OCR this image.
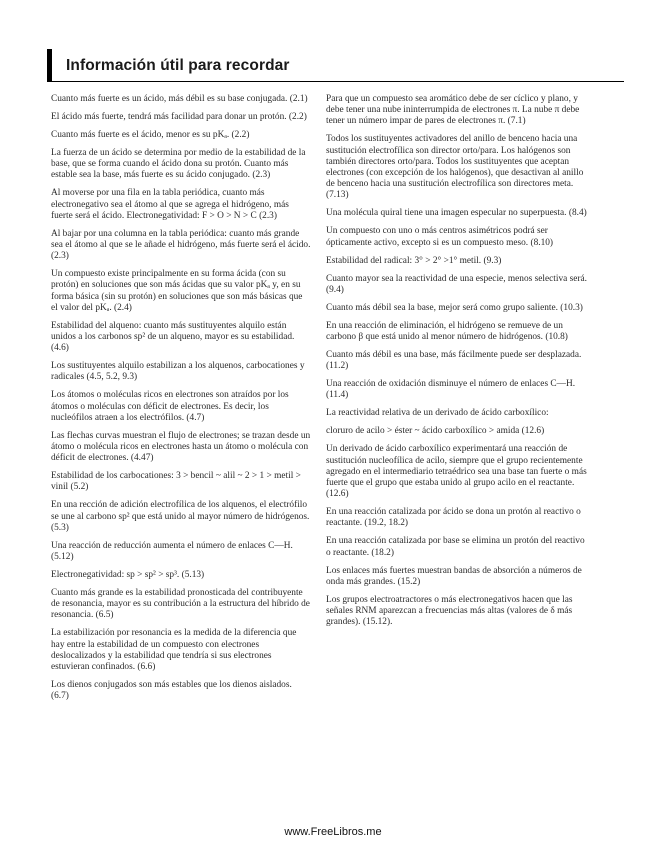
Información útil para recordar

Cuanto más fuerte es un ácido, más débil es su base conjugada. (2.1)

El ácido más fuerte, tendrá más facilidad para donar un protón. (2.2)

Cuanto más fuerte es el ácido, menor es su pKₐ. (2.2)

La fuerza de un ácido se determina por medio de la estabilidad de la base, que se forma cuando el ácido dona su protón. Cuanto más estable sea la base, más fuerte es su ácido conjugado. (2.3)

Al moverse por una fila en la tabla periódica, cuanto más electronegativo sea el átomo al que se agrega el hidrógeno, más fuerte será el ácido. Electronegatividad: F > O > N > C (2.3)

Al bajar por una columna en la tabla periódica: cuanto más grande sea el átomo al que se le añade el hidrógeno, más fuerte será el ácido. (2.3)

Un compuesto existe principalmente en su forma ácida (con su protón) en soluciones que son más ácidas que su valor pKₐ y, en su forma básica (sin su protón) en soluciones que son más básicas que el valor del pKₐ. (2.4)

Estabilidad del alqueno: cuanto más sustituyentes alquilo están unidos a los carbonos sp² de un alqueno, mayor es su estabilidad. (4.6)

Los sustituyentes alquilo estabilizan a los alquenos, carbocationes y radicales (4.5, 5.2, 9.3)

Los átomos o moléculas ricos en electrones son atraídos por los átomos o moléculas con déficit de electrones. Es decir, los nucleófilos atraen a los electrófilos. (4.7)

Las flechas curvas muestran el flujo de electrones; se trazan desde un átomo o molécula ricos en electrones hasta un átomo o molécula con déficit de electrones. (4.47)

Estabilidad de los carbocationes: 3 > bencil ~ alil ~ 2 > 1 > metil > vinil (5.2)

En una rección de adición electrofílica de los alquenos, el electrófilo se une al carbono sp² que está unido al mayor número de hidrógenos. (5.3)

Una reacción de reducción aumenta el número de enlaces C—H. (5.12)

Electronegatividad: sp > sp² > sp³. (5.13)

Cuanto más grande es la estabilidad pronosticada del contribuyente de resonancia, mayor es su contribución a la estructura del híbrido de resonancia. (6.5)

La estabilización por resonancia es la medida de la diferencia que hay entre la estabilidad de un compuesto con electrones deslocalizados y la estabilidad que tendría si sus electrones estuvieran confinados. (6.6)

Los dienos conjugados son más estables que los dienos aislados. (6.7)

Para que un compuesto sea aromático debe de ser cíclico y plano, y debe tener una nube ininterrumpida de electrones π. La nube π debe tener un número impar de pares de electrones π. (7.1)

Todos los sustituyentes activadores del anillo de benceno hacia una sustitución electrofílica son director orto/para. Los halógenos son también directores orto/para. Todos los sustituyentes que aceptan electrones (con excepción de los halógenos), que desactivan al anillo de benceno hacia una sustitución electrofílica son directores meta. (7.13)

Una molécula quiral tiene una imagen especular no superpuesta. (8.4)

Un compuesto con uno o más centros asimétricos podrá ser ópticamente activo, excepto si es un compuesto meso. (8.10)

Estabilidad del radical: 3° > 2° >1° metil. (9.3)

Cuanto mayor sea la reactividad de una especie, menos selectiva será. (9.4)

Cuanto más débil sea la base, mejor será como grupo saliente. (10.3)

En una reacción de eliminación, el hidrógeno se remueve de un carbono β que está unido al menor número de hidrógenos. (10.8)

Cuanto más débil es una base, más fácilmente puede ser desplazada. (11.2)

Una reacción de oxidación disminuye el número de enlaces C—H. (11.4)

La reactividad relativa de un derivado de ácido carboxílico:

cloruro de acilo > éster ~ ácido carboxílico > amida (12.6)

Un derivado de ácido carboxílico experimentará una reacción de sustitución nucleofílica de acilo, siempre que el grupo recientemente agregado en el intermediario tetraédrico sea una base tan fuerte o más fuerte que el grupo que estaba unido al grupo acilo en el reactante. (12.6)

En una reacción catalizada por ácido se dona un protón al reactivo o reactante. (19.2, 18.2)

En una reacción catalizada por base se elimina un protón del reactivo o reactante. (18.2)

Los enlaces más fuertes muestran bandas de absorción a números de onda más grandes. (15.2)

Los grupos electroatractores o más electronegativos hacen que las señales RNM aparezcan a frecuencias más altas (valores de δ más grandes). (15.12).

www.FreeLibros.me
